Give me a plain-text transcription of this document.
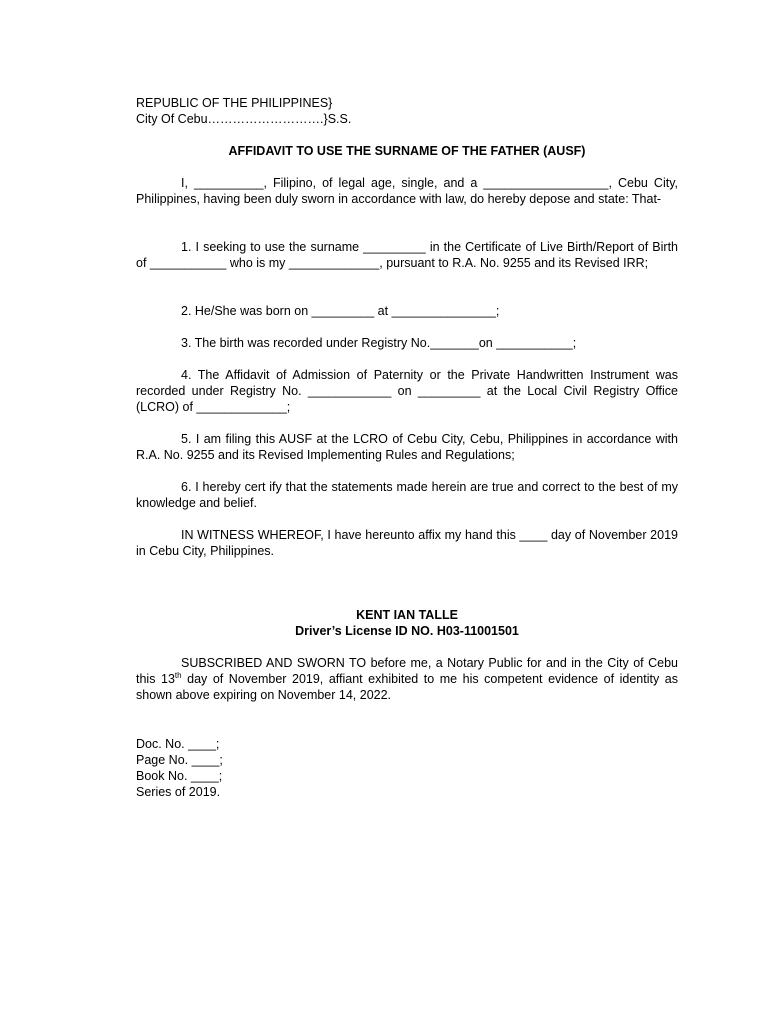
REPUBLIC OF THE PHILIPPINES}

City Of Cebu……………………….}S.S.

AFFIDAVIT TO USE THE SURNAME OF THE FATHER (AUSF)

I, __________, Filipino, of legal age, single, and a __________________, Cebu City, Philippines, having been duly sworn in accordance with law, do hereby depose and state: That-

1. I seeking to use the surname _________ in the Certificate of Live Birth/Report of Birth of ___________ who is my _____________, pursuant to R.A. No. 9255 and its Revised IRR;

2. He/She was born on _________ at _______________;

3. The birth was recorded under Registry No._______on ___________;

4. The Affidavit of Admission of Paternity or the Private Handwritten Instrument was recorded under Registry No. ____________ on _________ at the Local Civil Registry Office (LCRO) of _____________;

5. I am filing this AUSF at the LCRO of Cebu City, Cebu, Philippines in accordance with R.A. No. 9255 and its Revised Implementing Rules and Regulations;

6. I hereby cert ify that the statements made herein are true and correct to the best of my knowledge and belief.

IN WITNESS WHEREOF, I have hereunto affix my hand this ____ day of November 2019 in Cebu City, Philippines.

KENT IAN TALLE

Driver’s License ID NO. H03-11001501

SUBSCRIBED AND SWORN TO before me, a Notary Public for and in the City of Cebu this 13th day of November 2019, affiant exhibited to me his competent evidence of identity as shown above expiring on November 14, 2022.

Doc. No. ____;

Page No. ____;

Book No. ____;

Series of 2019.
